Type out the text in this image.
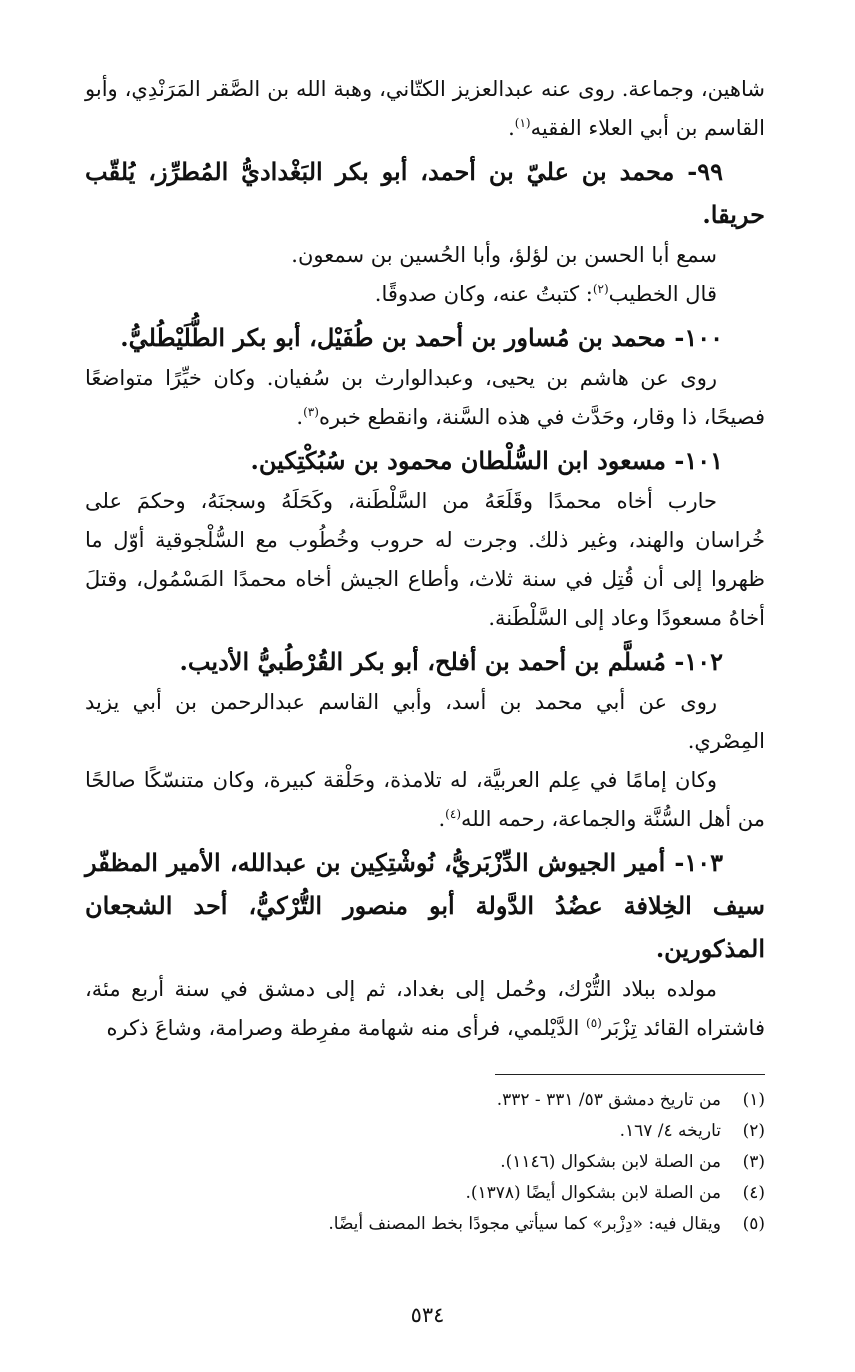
شاهين، وجماعة. روى عنه عبدالعزيز الكتّاني، وهبة الله بن الصَّقر المَرَنْدِي، وأبو القاسم بن أبي العلاء الفقيه$^{(١)}$.

٩٩- محمد بن عليّ بن أحمد، أبو بكر البَغْداديُّ المُطرِّز، يُلقّب حريقا.

سمع أبا الحسن بن لؤلؤ، وأبا الحُسين بن سمعون.

قال الخطيب$^{(٢)}$: كتبتُ عنه، وكان صدوقًا.

١٠٠- محمد بن مُساور بن أحمد بن طُفَيْل، أبو بكر الطُّلَيْطُليُّ.

روى عن هاشم بن يحيى، وعبدالوارث بن سُفيان. وكان خيِّرًا متواضعًا فصيحًا، ذا وقار، وحَدَّث في هذه السَّنة، وانقطع خبره$^{(٣)}$.

١٠١- مسعود ابن السُّلْطان محمود بن سُبُكْتِكين.

حارب أخاه محمدًا وقَلَعَهُ من السَّلْطَنة، وكَحَلَهُ وسجنَهُ، وحكمَ على خُراسان والهند، وغير ذلك. وجرت له حروب وخُطُوب مع السُّلْجوقية أوّل ما ظهروا إلى أن قُتِل في سنة ثلاث، وأطاع الجيش أخاه محمدًا المَسْمُول، وقتلَ أخاهُ مسعودًا وعاد إلى السَّلْطَنة.

١٠٢- مُسلَّم بن أحمد بن أفلح، أبو بكر القُرْطُبيُّ الأديب.

روى عن أبي محمد بن أسد، وأبي القاسم عبدالرحمن بن أبي يزيد المِصْري.

وكان إمامًا في عِلم العربيَّة، له تلامذة، وحَلْقة كبيرة، وكان متنسّكًا صالحًا من أهل السُّنَّة والجماعة، رحمه الله$^{(٤)}$.

١٠٣- أمير الجيوش الدِّزْبَريُّ، نُوشْتِكِين بن عبدالله، الأمير المظفّر سيف الخِلافة عضُدُ الدَّولة أبو منصور التُّرْكيُّ، أحد الشجعان المذكورين.

مولده ببلاد التُّرْك، وحُمل إلى بغداد، ثم إلى دمشق في سنة أربع مئة، فاشتراه القائد تِزْبَر$^{(٥)}$ الدَّيْلمي، فرأى منه شهامة مفرِطة وصرامة، وشاعَ ذكره

(١)
من تاريخ دمشق ٥٣/ ٣٣١ - ٣٣٢.
(٢)
تاريخه ٤/ ١٦٧.
(٣)
من الصلة لابن بشكوال (١١٤٦).
(٤)
من الصلة لابن بشكوال أيضًا (١٣٧٨).
(٥)
ويقال فيه: «دِزْبر» كما سيأتي مجودًا بخط المصنف أيضًا.
٥٣٤
